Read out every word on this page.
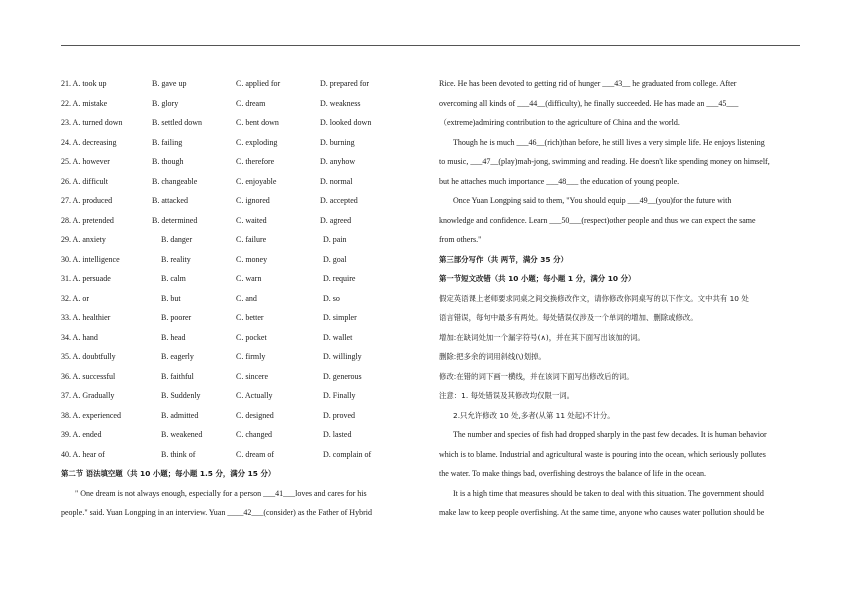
21. A. took up	B. gave up	C. applied for	D. prepared for
22. A. mistake	B. glory	C. dream	D. weakness
23. A. turned down	B. settled down	C. bent down	D. looked down
24. A. decreasing	B. failing	C. exploding	D. burning
25. A. however	B. though	C. therefore	D. anyhow
26. A. difficult	B. changeable	C. enjoyable	D. normal
27. A. produced	B. attacked	C. ignored	D. accepted
28. A. pretended	B. determined	C. waited	D. agreed
29. A. anxiety	B. danger	C. failure	D. pain
30. A. intelligence	B. reality	C. money	D. goal
31. A. persuade	B. calm	C. warn	D. require
32. A. or	B. but	C. and	D. so
33. A. healthier	B. poorer	C. better	D. simpler
34. A. hand	B. head	C. pocket	D. wallet
35. A. doubtfully	B. eagerly	C. firmly	D. willingly
36. A. successful	B. faithful	C. sincere	D. generous
37. A. Gradually	B. Suddenly	C. Actually	D. Finally
38. A. experienced	B. admitted	C. designed	D. proved
39. A. ended	B. weakened	C. changed	D. lasted
40. A. hear of	B. think of	C. dream of	D. complain of
第二节 语法填空题（共 10 小题；每小题 1.5 分，满分 15 分）
" One dream is not always enough, especially for a person ___41___loves and cares for his
people." said. Yuan Longping in an interview. Yuan ____42___(consider) as the Father of Hybrid
Rice. He has been devoted to getting rid of hunger ___43__ he graduated from college. After
overcoming all kinds of ___44__(difficulty), he finally succeeded. He has made an ___45___
（extreme)admiring contribution to the agriculture of China and the world.
Though he is much ___46__(rich)than before, he still lives a very simple life. He enjoys listening
to music, ___47__(play)mah-jong, swimming and reading. He doesn't like spending money on himself,
but he attaches much importance ___48___ the education of young people.
Once Yuan Longping said to them, "You should equip ___49__(you)for the future with
knowledge and confidence. Learn ___50___(respect)other people and thus we can expect the same
from others."
第三部分写作（共 两节，满分 35 分）
第一节短文改错（共 10 小题；每小题 1 分，满分 10 分）
假定英语课上老师要求同桌之间交换修改作文，请你修改你同桌写的以下作文。文中共有 10 处
语言错误，每句中最多有两处。每处错误仅涉及一个单词的增加、删除或修改。
增加:在缺词处加一个漏字符号(∧)，并在其下面写出该加的词。
删除:把多余的词用斜线(\)划掉。
修改:在错的词下画一横线，并在该词下面写出修改后的词。
注意：1. 每处错误及其修改均仅限一词。
2.只允许修改 10 处,多者(从第 11 处起)不计分。
The number and species of fish had dropped sharply in the past few decades. It is human behavior
which is to blame. Industrial and agricultural waste is pouring into the ocean, which seriously pollutes
the water. To make things bad, overfishing destroys the balance of life in the ocean.
It is a high time that measures should be taken to deal with this situation. The government should
make law to keep people overfishing. At the same time, anyone who causes water pollution should be
